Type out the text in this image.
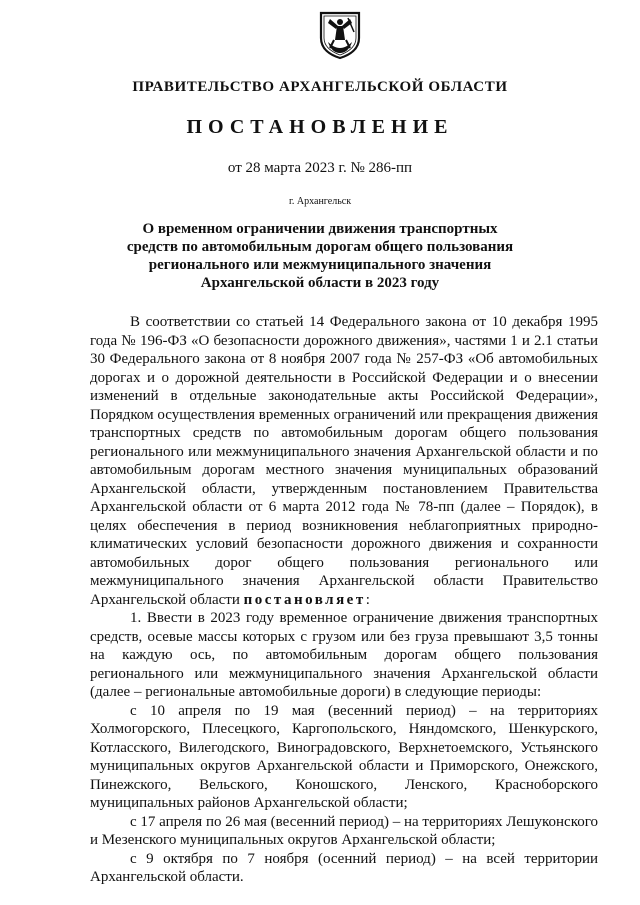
ПРАВИТЕЛЬСТВО АРХАНГЕЛЬСКОЙ ОБЛАСТИ
ПОСТАНОВЛЕНИЕ
от 28 марта 2023 г. № 286-пп
г. Архангельск
О временном ограничении движения транспортных
средств по автомобильным дорогам общего пользования
регионального или межмуниципального значения
Архангельской области в 2023 году

В соответствии со статьей 14 Федерального закона от 10 декабря 1995 года № 196-ФЗ «О безопасности дорожного движения», частями 1 и 2.1 статьи 30 Федерального закона от 8 ноября 2007 года № 257-ФЗ «Об автомобильных дорогах и о дорожной деятельности в Российской Федерации и о внесении изменений в отдельные законодательные акты Российской Федерации», Порядком осуществления временных ограничений или прекращения движения транспортных средств по автомобильным дорогам общего пользования регионального или межмуниципального значения Архангельской области и по автомобильным дорогам местного значения муниципальных образований Архангельской области, утвержденным постановлением Правительства Архангельской области от 6 марта 2012 года № 78-пп (далее – Порядок), в целях обеспечения в период возникновения неблагоприятных природно-климатических условий безопасности дорожного движения и сохранности автомобильных дорог общего пользования регионального или межмуниципального значения Архангельской области Правительство Архангельской области постановляет:

1. Ввести в 2023 году временное ограничение движения транспортных средств, осевые массы которых с грузом или без груза превышают 3,5 тонны на каждую ось, по автомобильным дорогам общего пользования регионального или межмуниципального значения Архангельской области (далее – региональные автомобильные дороги) в следующие периоды:

с 10 апреля по 19 мая (весенний период) – на территориях Холмогорского, Плесецкого, Каргопольского, Няндомского, Шенкурского, Котласского, Вилегодского, Виноградовского, Верхнетоемского, Устьянского муниципальных округов Архангельской области и Приморского, Онежского, Пинежского, Вельского, Коношского, Ленского, Красноборского муниципальных районов Архангельской области;

с 17 апреля по 26 мая (весенний период) – на территориях Лешуконского и Мезенского муниципальных округов Архангельской области;

с 9 октября по 7 ноября (осенний период) – на всей территории Архангельской области.
